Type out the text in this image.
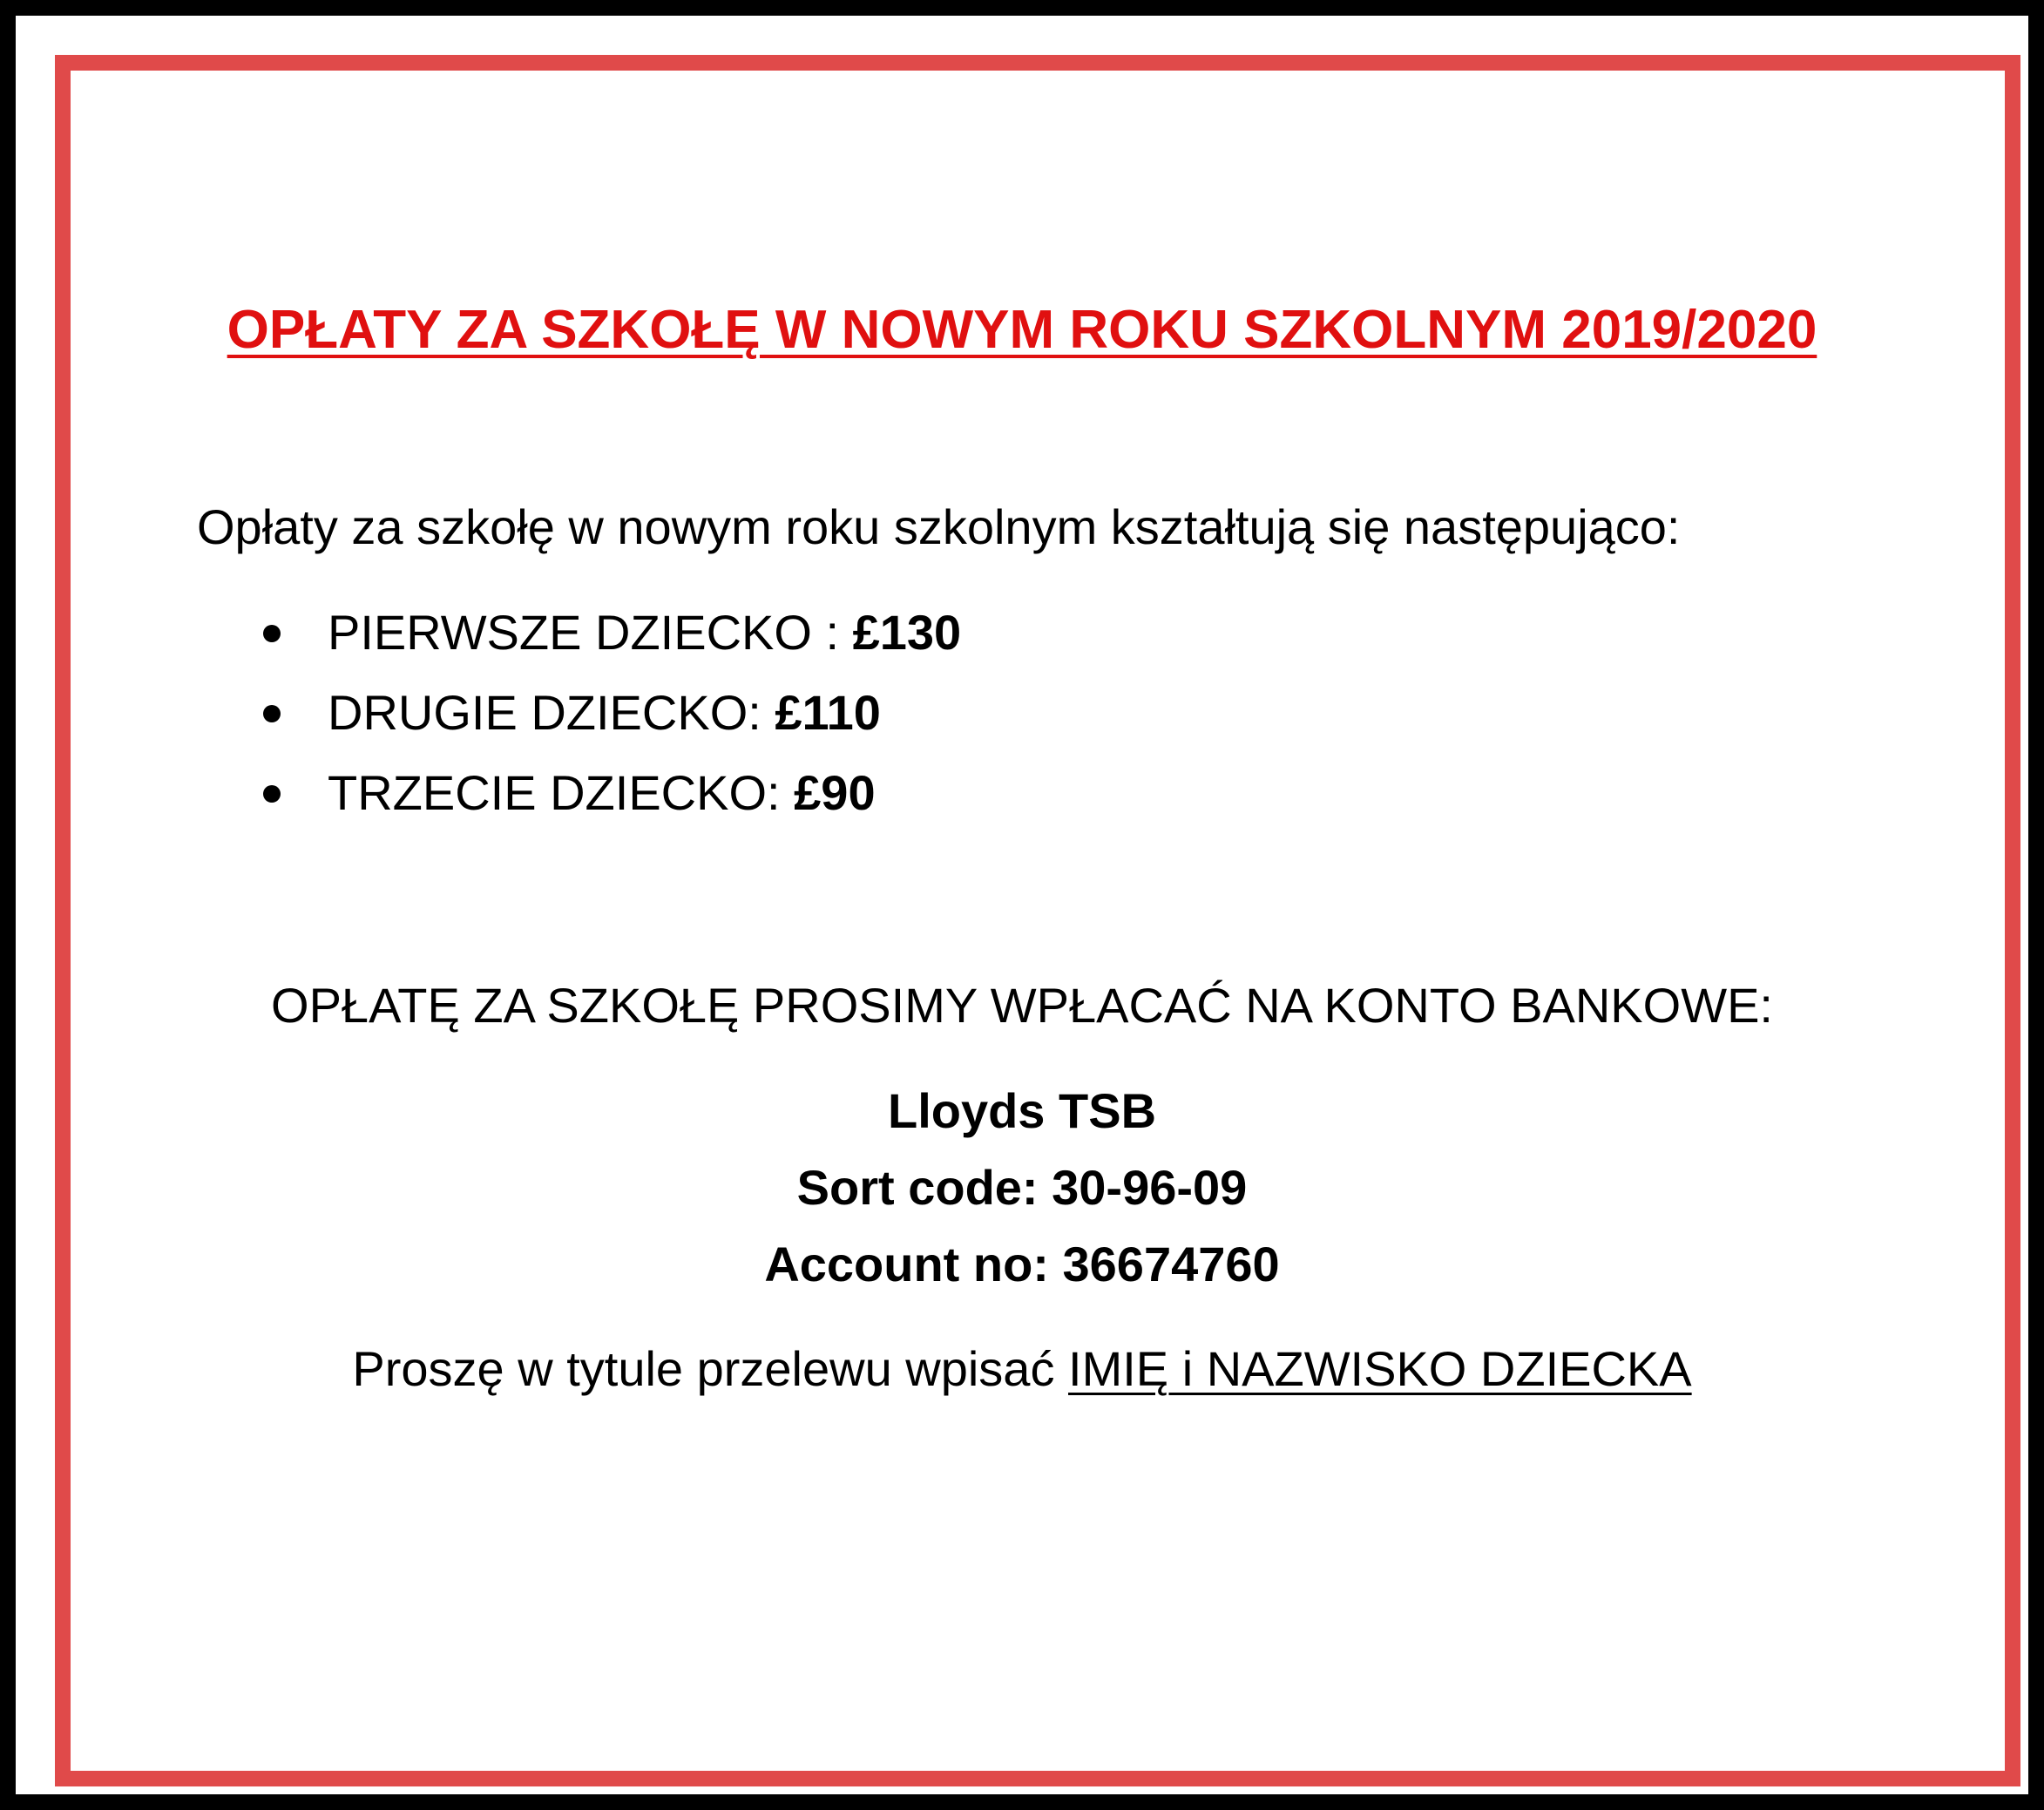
OPŁATY ZA SZKOŁĘ W NOWYM ROKU SZKOLNYM 2019/2020
Opłaty za szkołę w nowym roku szkolnym kształtują się następująco:
PIERWSZE DZIECKO : £130
DRUGIE DZIECKO: £110
TRZECIE DZIECKO: £90
OPŁATĘ ZA SZKOŁĘ PROSIMY WPŁACAĆ NA KONTO BANKOWE:
Lloyds TSB
Sort code: 30-96-09
Account no: 36674760
Proszę w tytule przelewu wpisać IMIĘ i NAZWISKO DZIECKA
